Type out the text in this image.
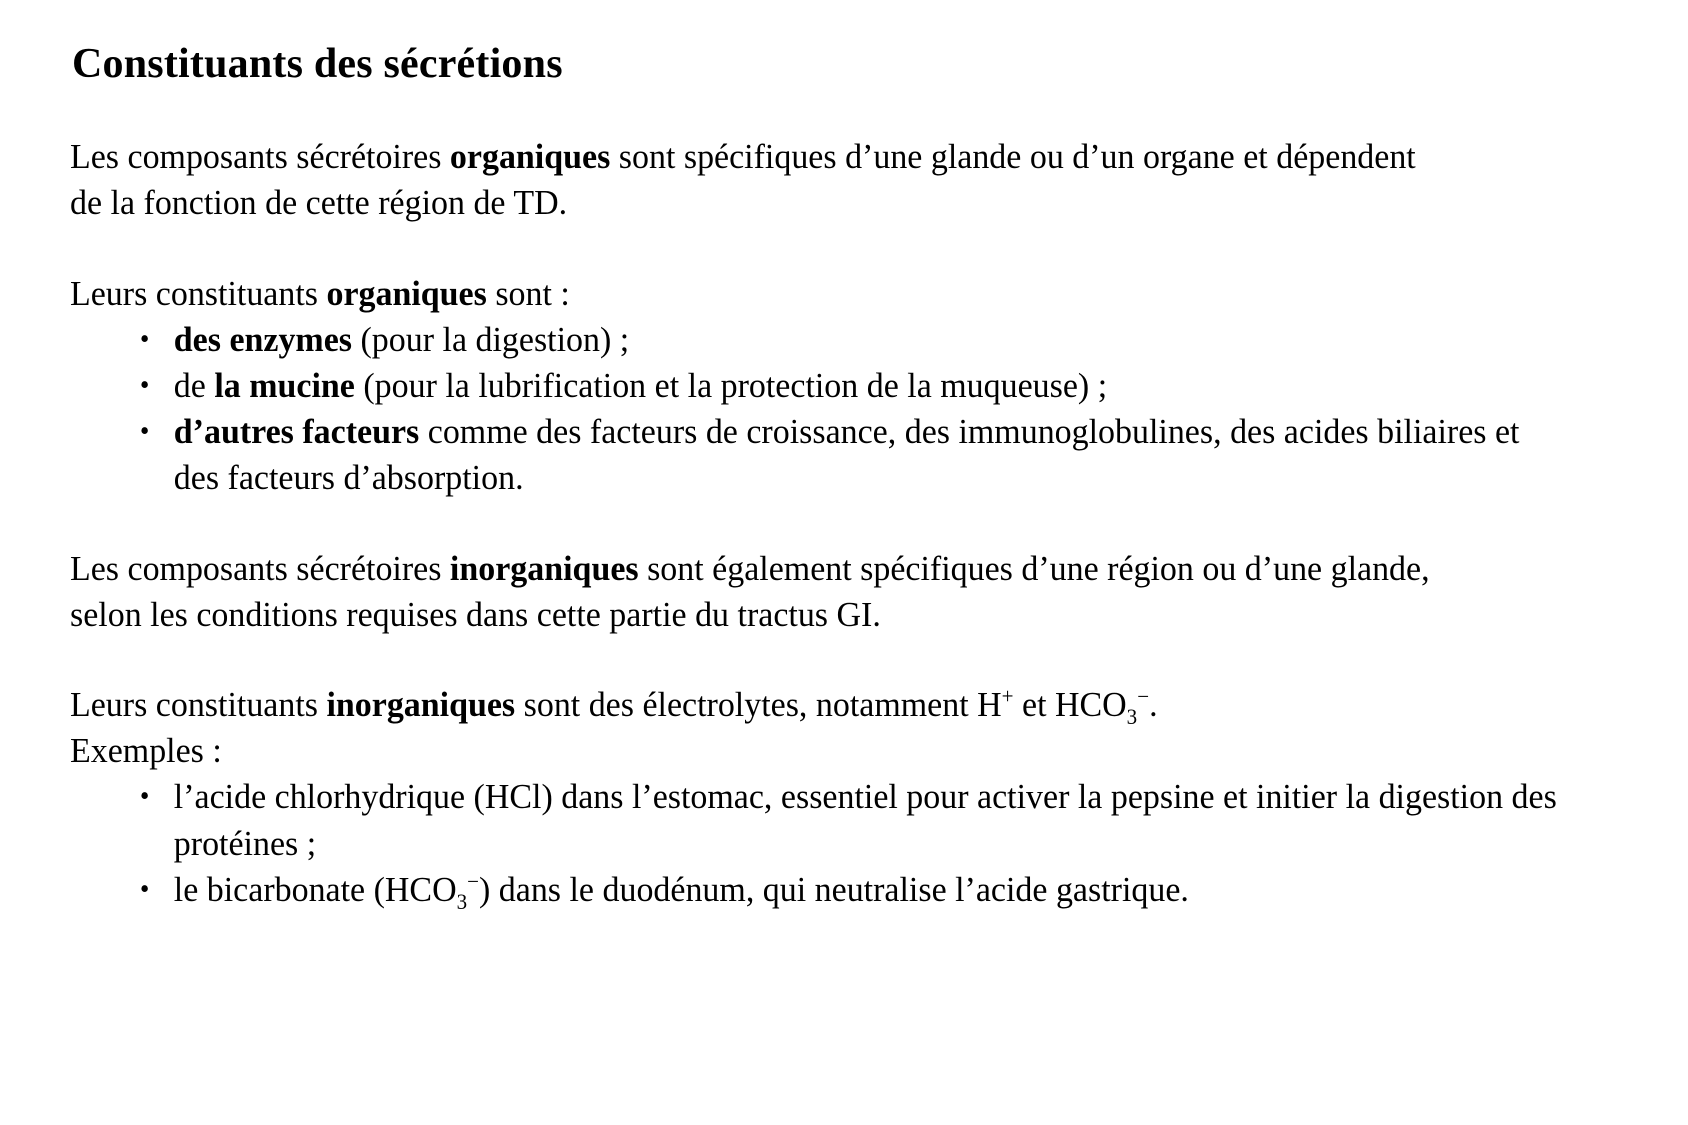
Constituants des sécrétions

Les composants sécrétoires organiques sont spécifiques d’une glande ou d’un organe et dépendent de la fonction de cette région de TD.

Leurs constituants organiques sont :

• des enzymes (pour la digestion) ;
• de la mucine (pour la lubrification et la protection de la muqueuse) ;
• d’autres facteurs comme des facteurs de croissance, des immunoglobulines, des acides biliaires et des facteurs d’absorption.

Les composants sécrétoires inorganiques sont également spécifiques d’une région ou d’une glande, selon les conditions requises dans cette partie du tractus GI.

Leurs constituants inorganiques sont des électrolytes, notamment H+ et $HCO_3^-$.

Exemples :

• l’acide chlorhydrique (HCl) dans l’estomac, essentiel pour activer la pepsine et initier la digestion des protéines ;
• le bicarbonate $(HCO_3^-)$ dans le duodénum, qui neutralise l’acide gastrique.
